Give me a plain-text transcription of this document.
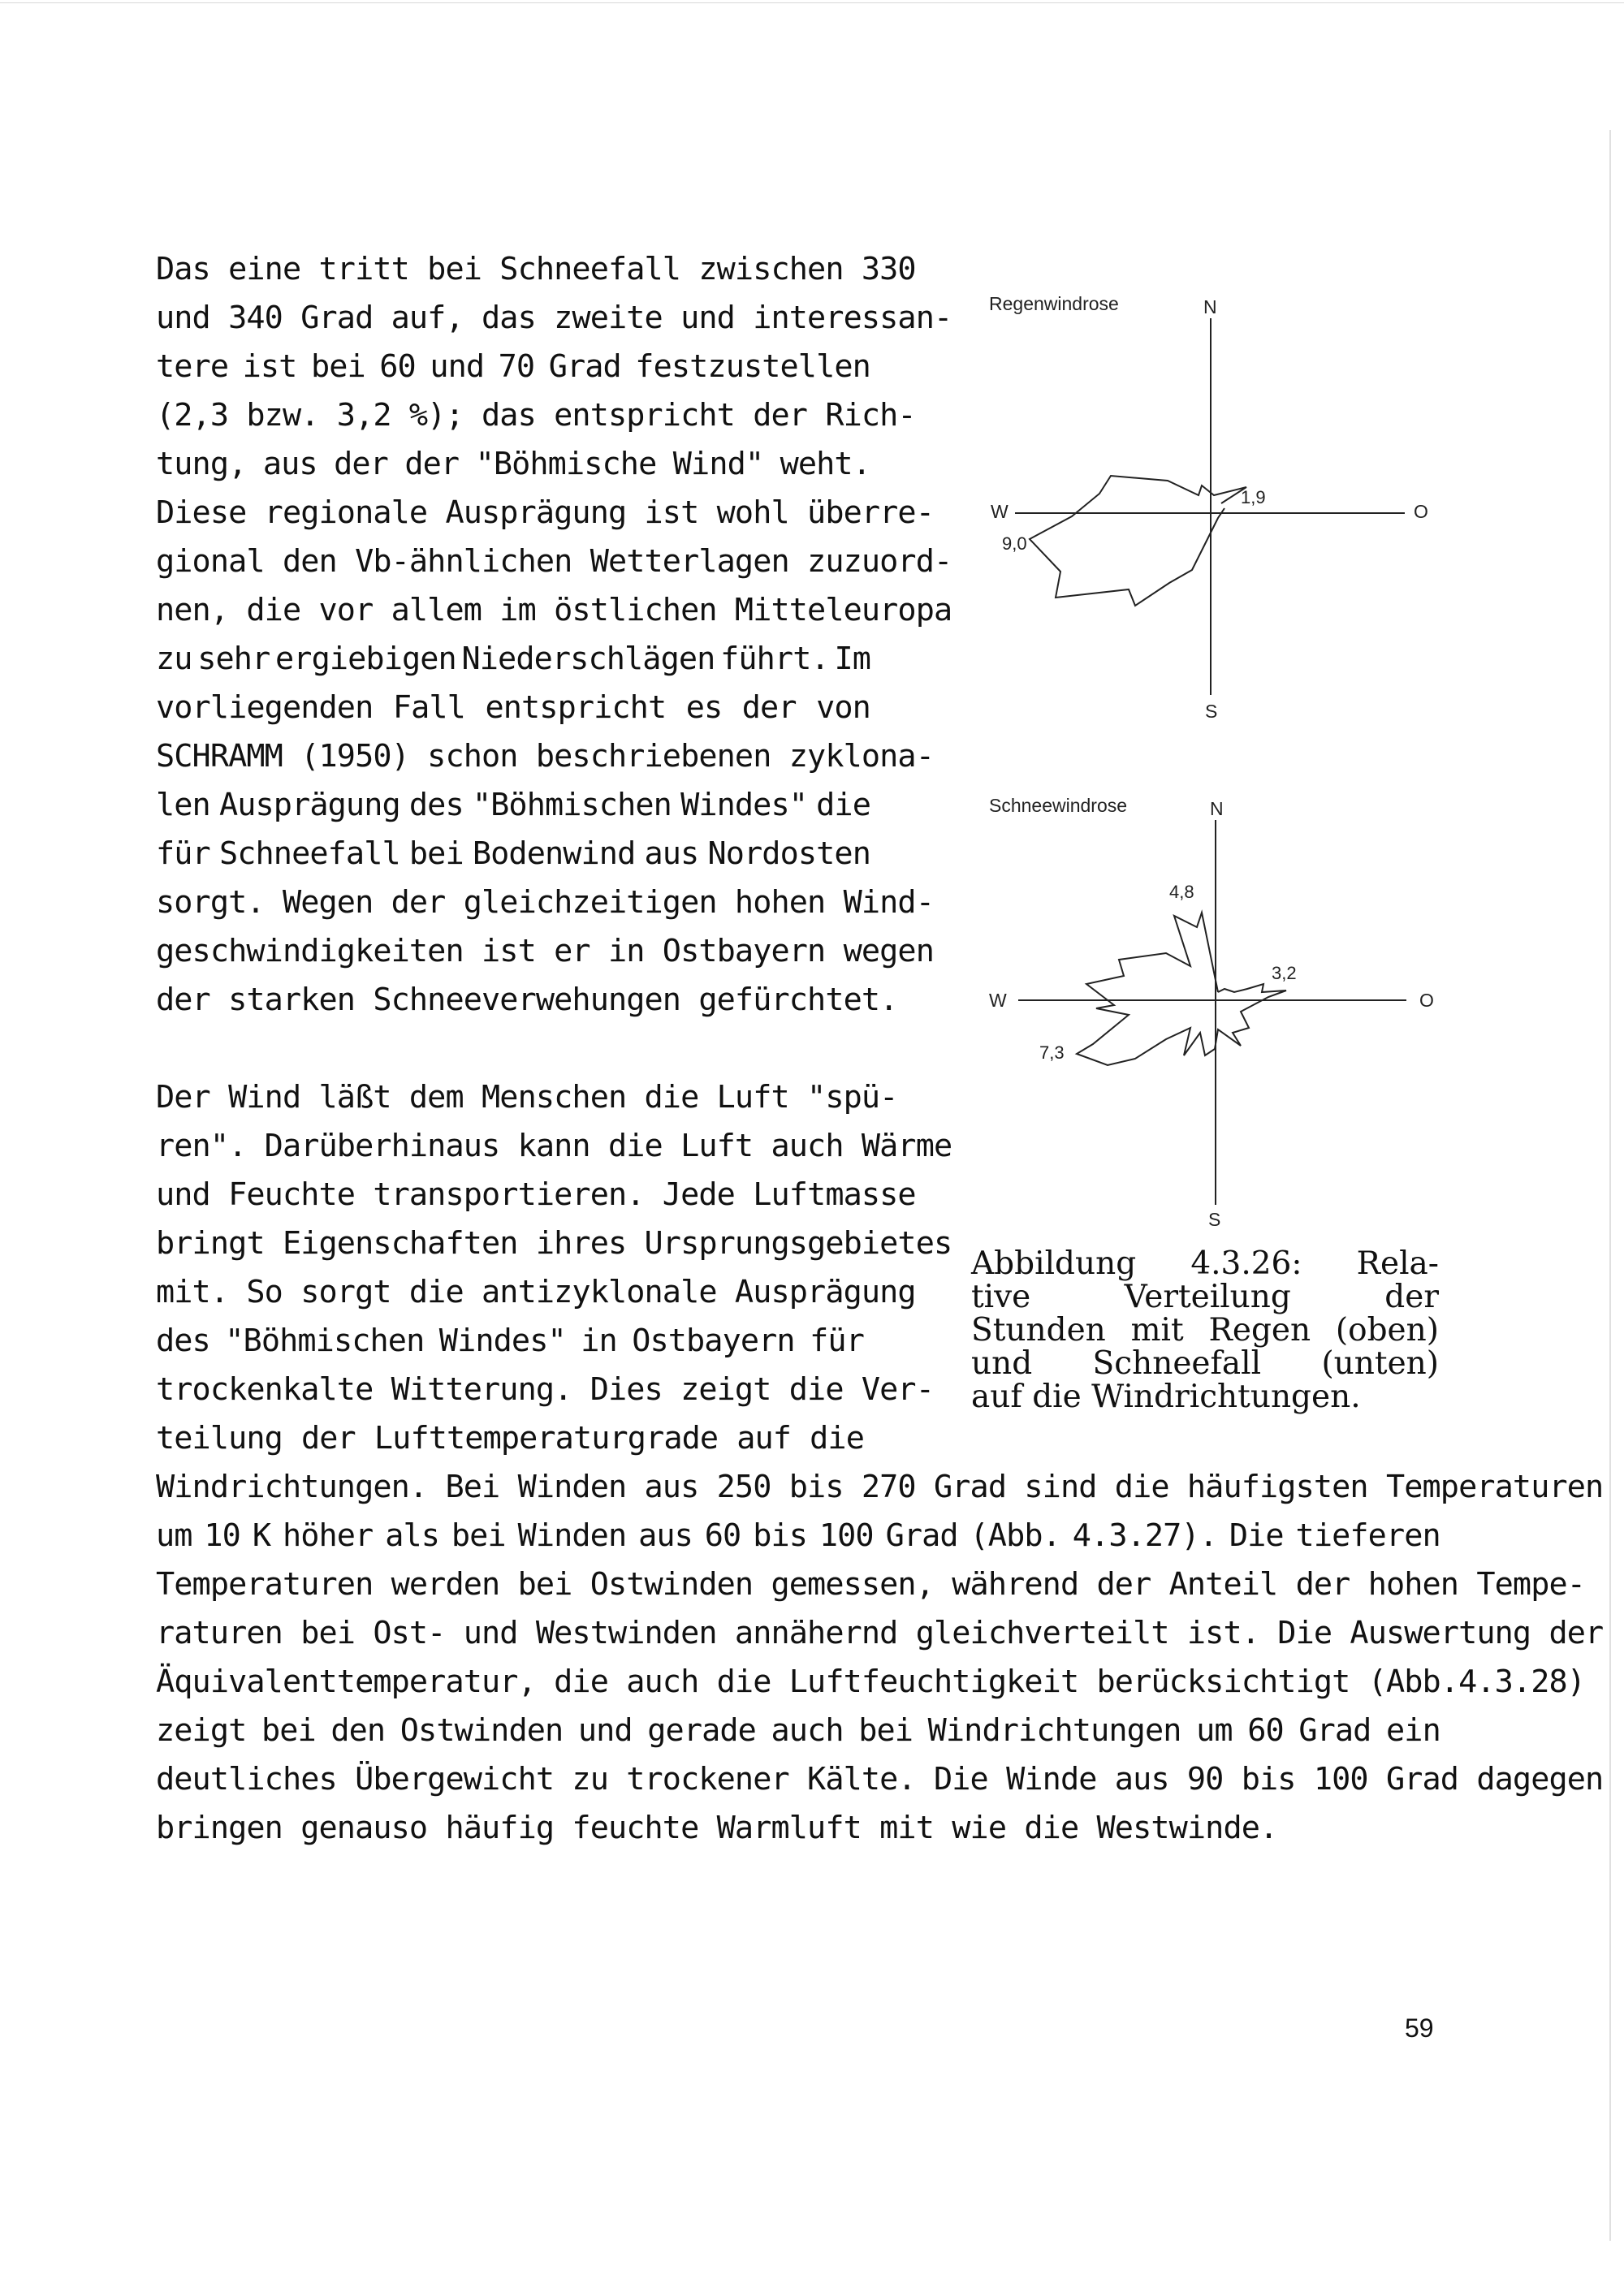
Das eine tritt bei Schneefall zwischen 330
und 340 Grad auf, das zweite und interessan-
tere ist bei 60 und 70 Grad festzustellen
(2,3 bzw. 3,2 %); das entspricht der Rich-
tung, aus der der "Böhmische Wind" weht.
Diese regionale Ausprägung ist wohl überre-
gional den Vb-ähnlichen Wetterlagen zuzuord-
nen, die vor allem im östlichen Mitteleuropa
zu sehr ergiebigen Niederschlägen führt. Im
vorliegenden Fall entspricht es der von
SCHRAMM (1950) schon beschriebenen zyklona-
len Ausprägung des "Böhmischen Windes" die
für Schneefall bei Bodenwind aus Nordosten
sorgt. Wegen der gleichzeitigen hohen Wind-
geschwindigkeiten ist er in Ostbayern wegen
der starken Schneeverwehungen gefürchtet.
Der Wind läßt dem Menschen die Luft "spü-
ren". Darüberhinaus kann die Luft auch Wärme
und Feuchte transportieren. Jede Luftmasse
bringt Eigenschaften ihres Ursprungsgebietes
mit. So sorgt die antizyklonale Ausprägung
des "Böhmischen Windes" in Ostbayern für
trockenkalte Witterung. Dies zeigt die Ver-
teilung der Lufttemperaturgrade auf die
Windrichtungen. Bei Winden aus 250 bis 270 Grad sind die häufigsten Temperaturen
um 10 K höher als bei Winden aus 60 bis 100 Grad (Abb. 4.3.27). Die tieferen
Temperaturen werden bei Ostwinden gemessen, während der Anteil der hohen Tempe-
raturen bei Ost- und Westwinden annähernd gleichverteilt ist. Die Auswertung der
Äquivalenttemperatur, die auch die Luftfeuchtigkeit berücksichtigt (Abb.4.3.28)
zeigt bei den Ostwinden und gerade auch bei Windrichtungen um 60 Grad ein
deutliches Übergewicht zu trockener Kälte. Die Winde aus 90 bis 100 Grad dagegen
bringen genauso häufig feuchte Warmluft mit wie die Westwinde.
Regenwindrose	N
S
W	O
1,9
9,0
Schneewindrose	N
S
W	O
4,8
3,2
7,3
Abbildung 4.3.26: Rela-
tive	Verteilung	der
Stunden mit Regen (oben)
und Schneefall (unten)
auf die Windrichtungen.
59
